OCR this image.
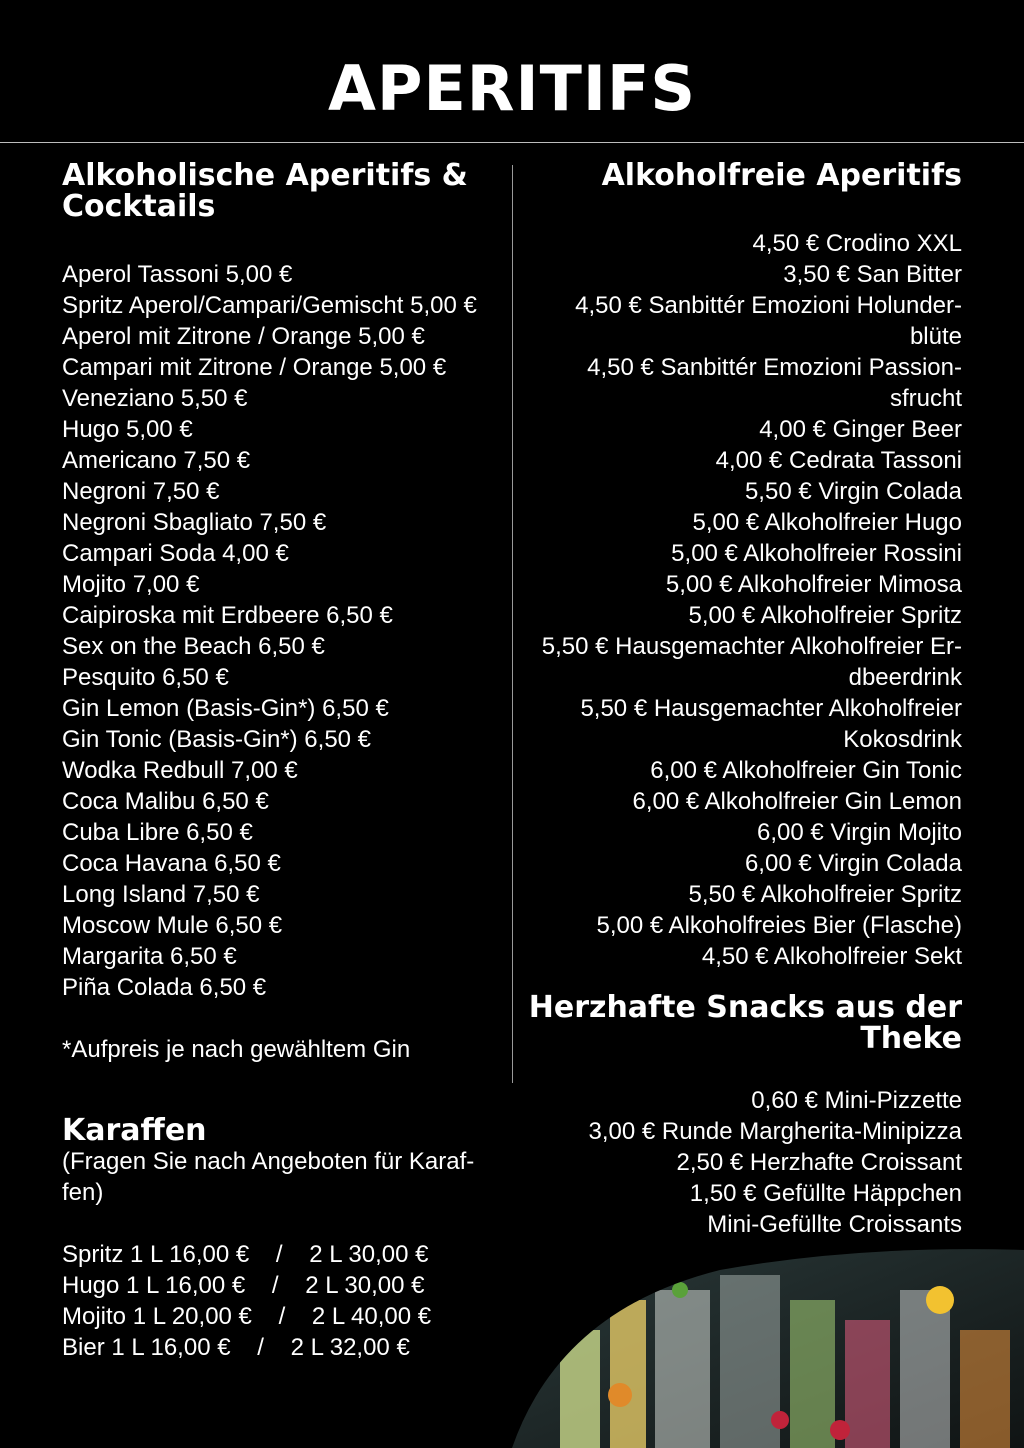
APERITIFS
Alkoholische Aperitifs &
Cocktails
Aperol Tassoni 5,00 €
Spritz Aperol/Campari/Gemischt 5,00 €
Aperol mit Zitrone / Orange 5,00 €
Campari mit Zitrone / Orange 5,00 €
Veneziano 5,50 €
Hugo 5,00 €
Americano 7,50 €
Negroni 7,50 €
Negroni Sbagliato 7,50 €
Campari Soda 4,00 €
Mojito 7,00 €
Caipiroska mit Erdbeere 6,50 €
Sex on the Beach 6,50 €
Pesquito 6,50 €
Gin Lemon (Basis-Gin*) 6,50 €
Gin Tonic (Basis-Gin*) 6,50 €
Wodka Redbull 7,00 €
Coca Malibu 6,50 €
Cuba Libre 6,50 €
Coca Havana 6,50 €
Long Island 7,50 €
Moscow Mule 6,50 €
Margarita 6,50 €
Piña Colada 6,50 €
*Aufpreis je nach gewähltem Gin
Karaffen
(Fragen Sie nach Angeboten für Karaf-
fen)
Spritz 1 L 16,00 €    /    2 L 30,00 €
Hugo 1 L 16,00 €    /    2 L 30,00 €
Mojito 1 L 20,00 €    /    2 L 40,00 €
Bier 1 L 16,00 €    /    2 L 32,00 €
Alkoholfreie Aperitifs
4,50 € Crodino XXL
3,50 € San Bitter
4,50 € Sanbittér Emozioni Holunder-
blüte
4,50 € Sanbittér Emozioni Passion-
sfrucht
4,00 € Ginger Beer
4,00 € Cedrata Tassoni
5,50 € Virgin Colada
5,00 € Alkoholfreier Hugo
5,00 € Alkoholfreier Rossini
5,00 € Alkoholfreier Mimosa
5,00 € Alkoholfreier Spritz
5,50 € Hausgemachter Alkoholfreier Er-
dbeerdrink
5,50 € Hausgemachter Alkoholfreier
Kokosdrink
6,00 € Alkoholfreier Gin Tonic
6,00 € Alkoholfreier Gin Lemon
6,00 € Virgin Mojito
6,00 € Virgin Colada
5,50 € Alkoholfreier Spritz
5,00 € Alkoholfreies Bier (Flasche)
4,50 € Alkoholfreier Sekt
Herzhafte Snacks aus der
Theke
0,60 € Mini-Pizzette
3,00 € Runde Margherita-Minipizza
2,50 € Herzhafte Croissant
1,50 € Gefüllte Häppchen
Mini-Gefüllte Croissants
